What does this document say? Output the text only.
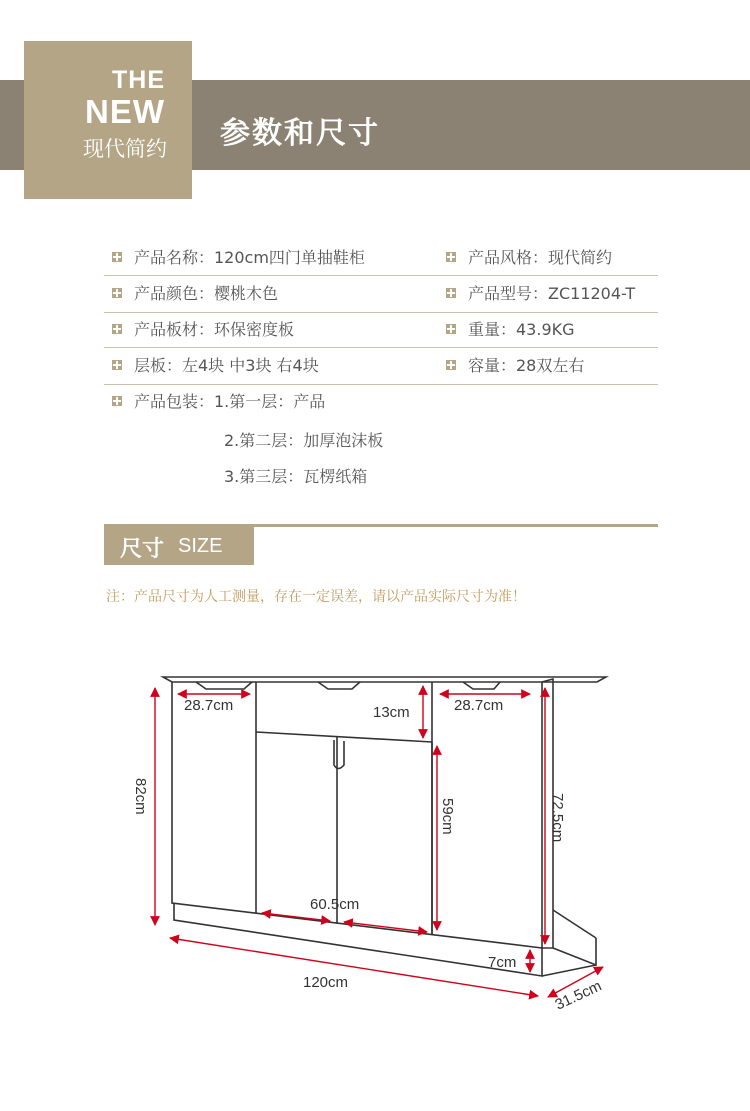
THE
NEW
现代简约 参数和尺寸
产品名称：120cm四门单抽鞋柜	产品风格：现代简约
产品颜色：樱桃木色	产品型号：ZC11204-T
产品板材：环保密度板	重量：43.9KG
层板：左4块 中3块 右4块	容量：28双左右
产品包装：1.第一层：产品
2.第二层：加厚泡沫板
3.第三层：瓦楞纸箱
尺寸 SIZE
注：产品尺寸为人工测量，存在一定误差，请以产品实际尺寸为准！
28.7cm	28.7cm
13cm
60.5cm
7cm
120cm
82cm
59cm	72.5cm
31.5cm
